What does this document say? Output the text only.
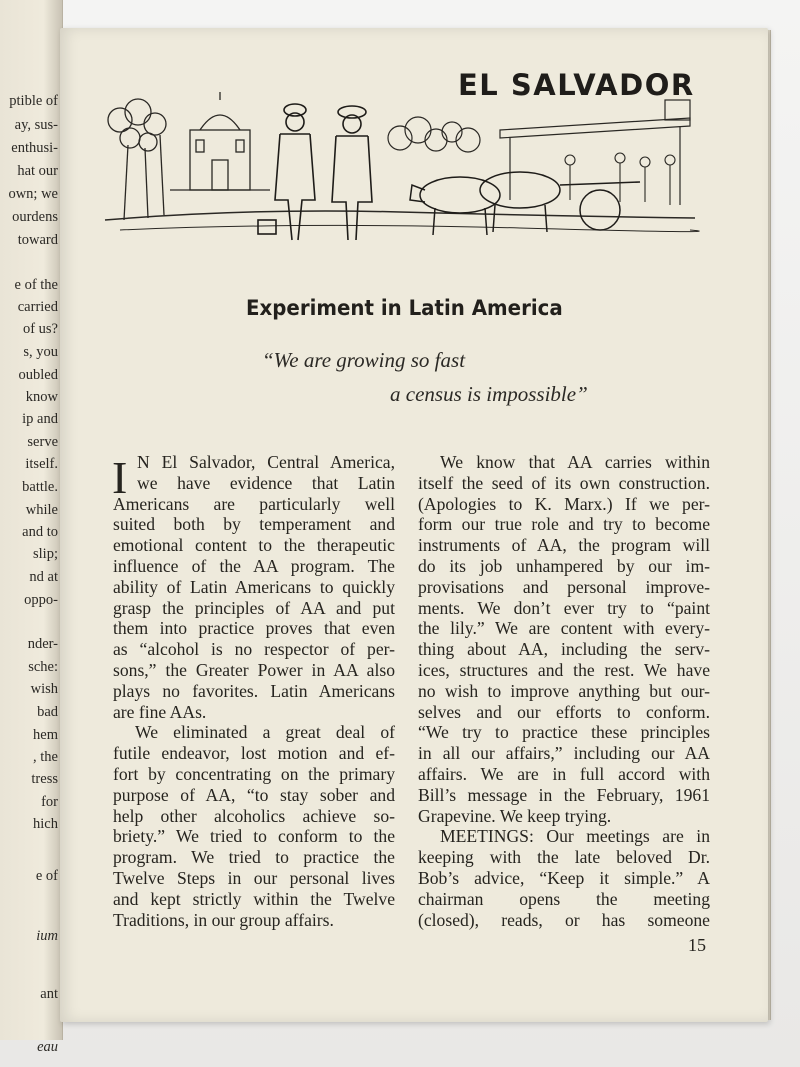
ptible of
ay, sus-
enthusi-
hat our
own; we
ourdens
toward
e of the
carried
of us?
s, you
oubled
know
ip and
serve
itself.
battle.
while
and to
slip;
nd at
oppo-
nder-
sche:
wish
bad
hem
, the
tress
for
hich
e of
ium
ant
eau
EL SALVADOR
Experiment in Latin America
“We are growing so fast
a census is impossible”
I N El Salvador, Central America,
we have evidence that Latin
Americans are particularly well
suited both by temperament and
emotional content to the therapeutic
influence of the AA program. The
ability of Latin Americans to quickly
grasp the principles of AA and put
them into practice proves that even
as “alcohol is no respector of per-
sons,” the Greater Power in AA also
plays no favorites. Latin Americans
are fine AAs.
We eliminated a great deal of
futile endeavor, lost motion and ef-
fort by concentrating on the primary
purpose of AA, “to stay sober and
help other alcoholics achieve so-
briety.” We tried to conform to the
program. We tried to practice the
Twelve Steps in our personal lives
and kept strictly within the Twelve
Traditions, in our group affairs.
We know that AA carries within
itself the seed of its own construction.
(Apologies to K. Marx.) If we per-
form our true role and try to become
instruments of AA, the program will
do its job unhampered by our im-
provisations and personal improve-
ments. We don’t ever try to “paint
the lily.” We are content with every-
thing about AA, including the serv-
ices, structures and the rest. We have
no wish to improve anything but our-
selves and our efforts to conform.
“We try to practice these principles
in all our affairs,” including our AA
affairs. We are in full accord with
Bill’s message in the February, 1961
Grapevine. We keep trying.
MEETINGS: Our meetings are in
keeping with the late beloved Dr.
Bob’s advice, “Keep it simple.” A
chairman opens the meeting
(closed), reads, or has someone
15
